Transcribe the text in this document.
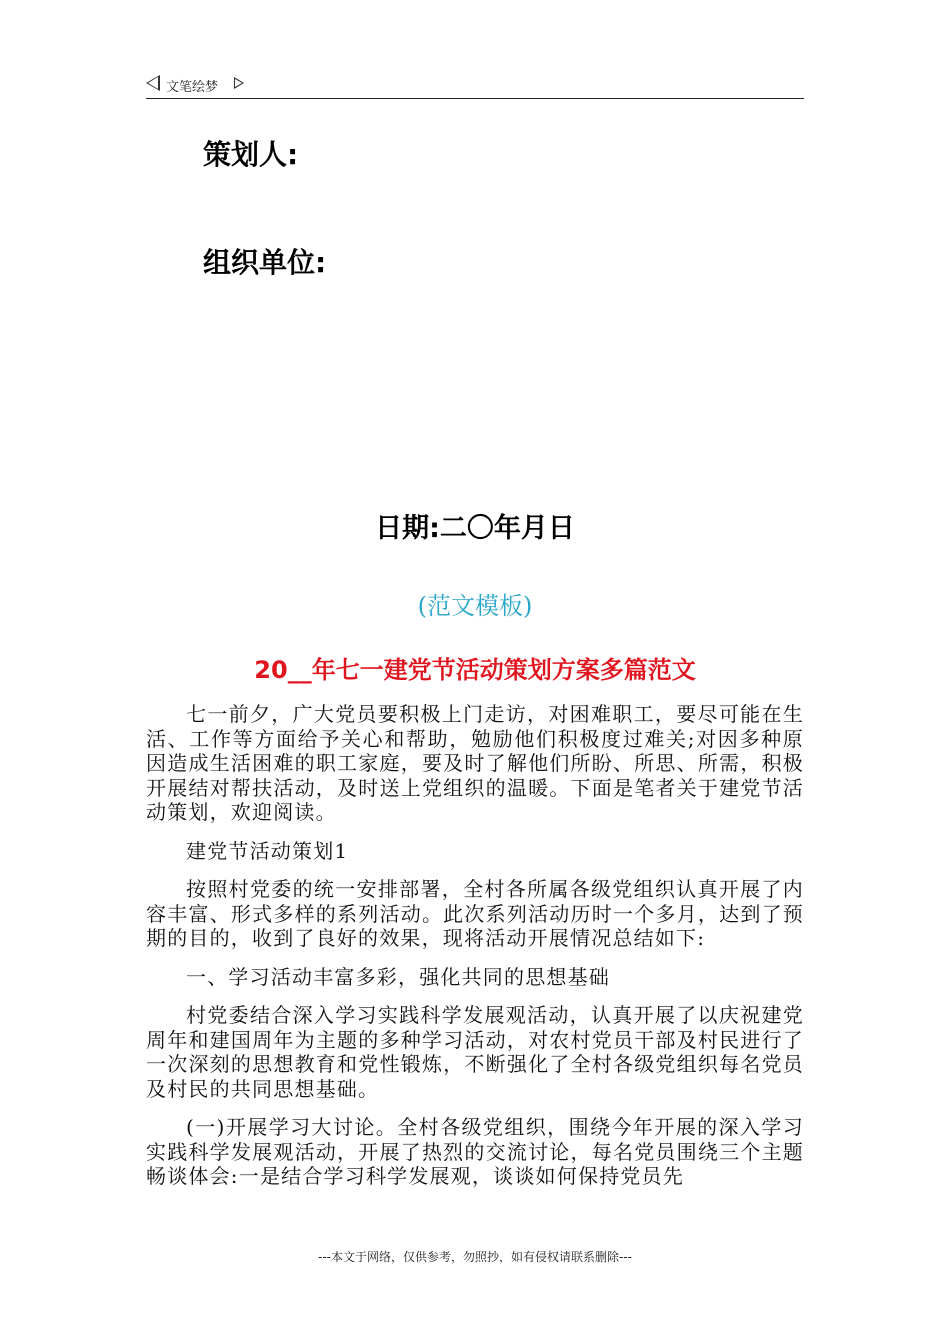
文笔绘梦
策划人:
组织单位:
日期:二〇年月日
(范文模板)
20__年七一建党节活动策划方案多篇范文

七一前夕，广大党员要积极上门走访，对困难职工，要尽可能在生活、工作等方面给予关心和帮助，勉励他们积极度过难关;对因多种原因造成生活困难的职工家庭，要及时了解他们所盼、所思、所需，积极开展结对帮扶活动，及时送上党组织的温暖。下面是笔者关于建党节活动策划，欢迎阅读。

建党节活动策划1

按照村党委的统一安排部署，全村各所属各级党组织认真开展了内容丰富、形式多样的系列活动。此次系列活动历时一个多月，达到了预期的目的，收到了良好的效果，现将活动开展情况总结如下:

一、学习活动丰富多彩，强化共同的思想基础

村党委结合深入学习实践科学发展观活动，认真开展了以庆祝建党周年和建国周年为主题的多种学习活动，对农村党员干部及村民进行了一次深刻的思想教育和党性锻炼，不断强化了全村各级党组织每名党员及村民的共同思想基础。

(一)开展学习大讨论。全村各级党组织，围绕今年开展的深入学习实践科学发展观活动，开展了热烈的交流讨论，每名党员围绕三个主题畅谈体会:一是结合学习科学发展观，谈谈如何保持党员先

---本文于网络，仅供参考，勿照抄，如有侵权请联系删除---
